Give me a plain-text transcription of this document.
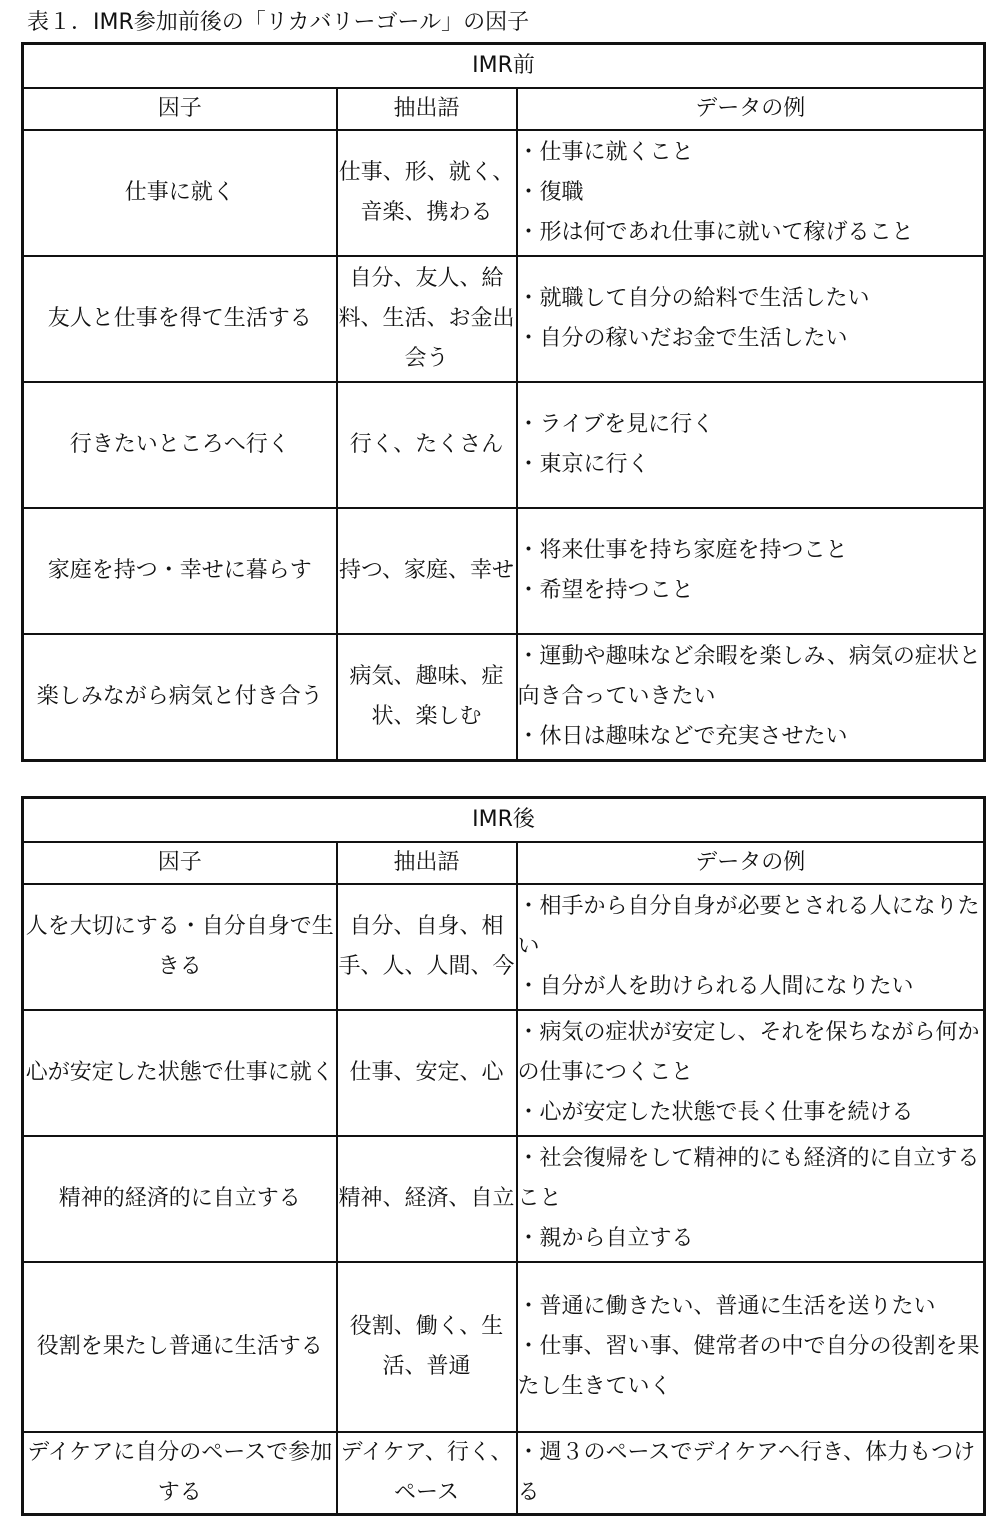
表１．IMR参加前後の「リカバリーゴール」の因子
IMR前		
因子	抽出語	データの例
仕事に就く	仕事、形、就く、音楽、携わる	・仕事に就くこと
・復職
・形は何であれ仕事に就いて稼げること

友人と仕事を得て生活する	自分、友人、給料、生活、お金出会う	・就職して自分の給料で生活したい
・自分の稼いだお金で生活したい

行きたいところへ行く	行く、たくさん	・ライブを見に行く
・東京に行く

家庭を持つ・幸せに暮らす	持つ、家庭、幸せ	・将来仕事を持ち家庭を持つこと
・希望を持つこと

楽しみながら病気と付き合う	病気、趣味、症状、楽しむ	・運動や趣味など余暇を楽しみ、病気の症状と向き合っていきたい
・休日は趣味などで充実させたい
IMR後		
因子	抽出語	データの例
人を大切にする・自分自身で生きる	自分、自身、相手、人、人間、今	・相手から自分自身が必要とされる人になりたい
・自分が人を助けられる人間になりたい

心が安定した状態で仕事に就く	仕事、安定、心	・病気の症状が安定し、それを保ちながら何かの仕事につくこと
・心が安定した状態で長く仕事を続ける

精神的経済的に自立する	精神、経済、自立	・社会復帰をして精神的にも経済的に自立すること
・親から自立する

役割を果たし普通に生活する	役割、働く、生活、普通	・普通に働きたい、普通に生活を送りたい
・仕事、習い事、健常者の中で自分の役割を果たし生きていく

デイケアに自分のペースで参加する	デイケア、行く、ペース	・週３のペースでデイケアへ行き、体力もつける
